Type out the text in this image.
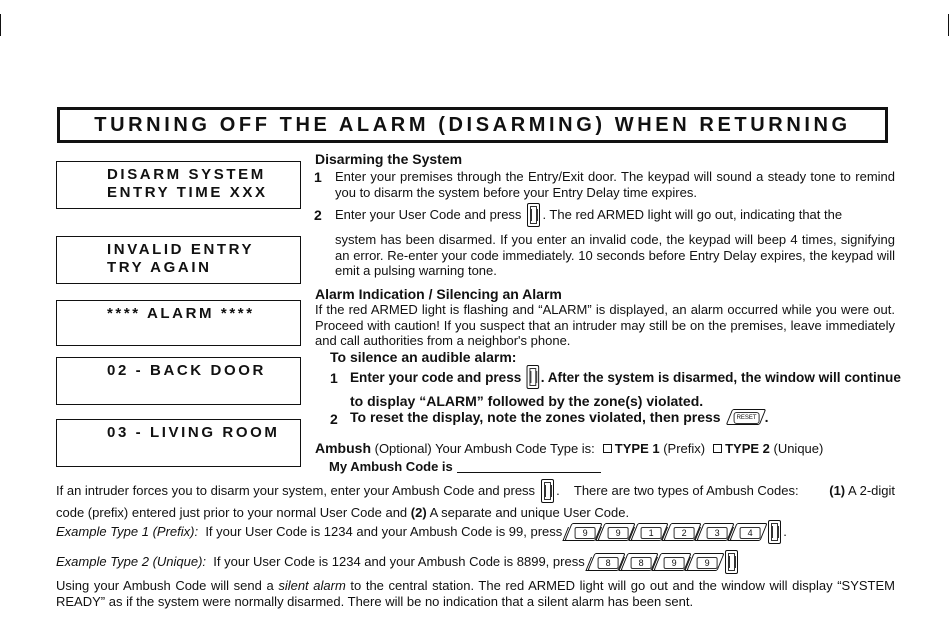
TURNING OFF THE ALARM (DISARMING) WHEN RETURNING
DISARM SYSTEM
ENTRY TIME XXX
INVALID ENTRY
TRY AGAIN
**** ALARM ****
02 - BACK DOOR
03 - LIVING ROOM
Disarming the System
1 Enter your premises through the Entry/Exit door. The keypad will sound a steady tone to remind you to disarm the system before your Entry Delay time expires.
2 Enter your User Code and press . The red ARMED light will go out, indicating that the
system has been disarmed. If you enter an invalid code, the keypad will beep 4 times, signifying an error. Re-enter your code immediately. 10 seconds before Entry Delay expires, the keypad will emit a pulsing warning tone.
Alarm Indication / Silencing an Alarm
If the red ARMED light is flashing and “ALARM” is displayed, an alarm occurred while you were out. Proceed with caution! If you suspect that an intruder may still be on the premises, leave immediately and call authorities from a neighbor's phone.
To silence an audible alarm:
1 Enter your code and press . After the system is disarmed, the window will continue
to display “ALARM” followed by the zone(s) violated.
2 To reset the display, note the zones violated, then press	RESET .
Ambush (Optional) Your Ambush Code Type is: TYPE 1 (Prefix) TYPE 2 (Unique)
My Ambush Code is
If an intruder forces you to disarm your system, enter your Ambush Code and press .    There are two types of Ambush Codes: (1) A 2-digit
code (prefix) entered just prior to your normal User Code and (2) A separate and unique User Code.
Example Type 1 (Prefix): If your User Code is 1234 and your Ambush Code is 99, press	9	9	1	2	3	4	.
Example Type 2 (Unique): If your User Code is 1234 and your Ambush Code is 8899, press	8	8	9	9
Using your Ambush Code will send a silent alarm to the central station. The red ARMED light will go out and the window will display “SYSTEM READY” as if the system were normally disarmed. There will be no indication that a silent alarm has been sent.
